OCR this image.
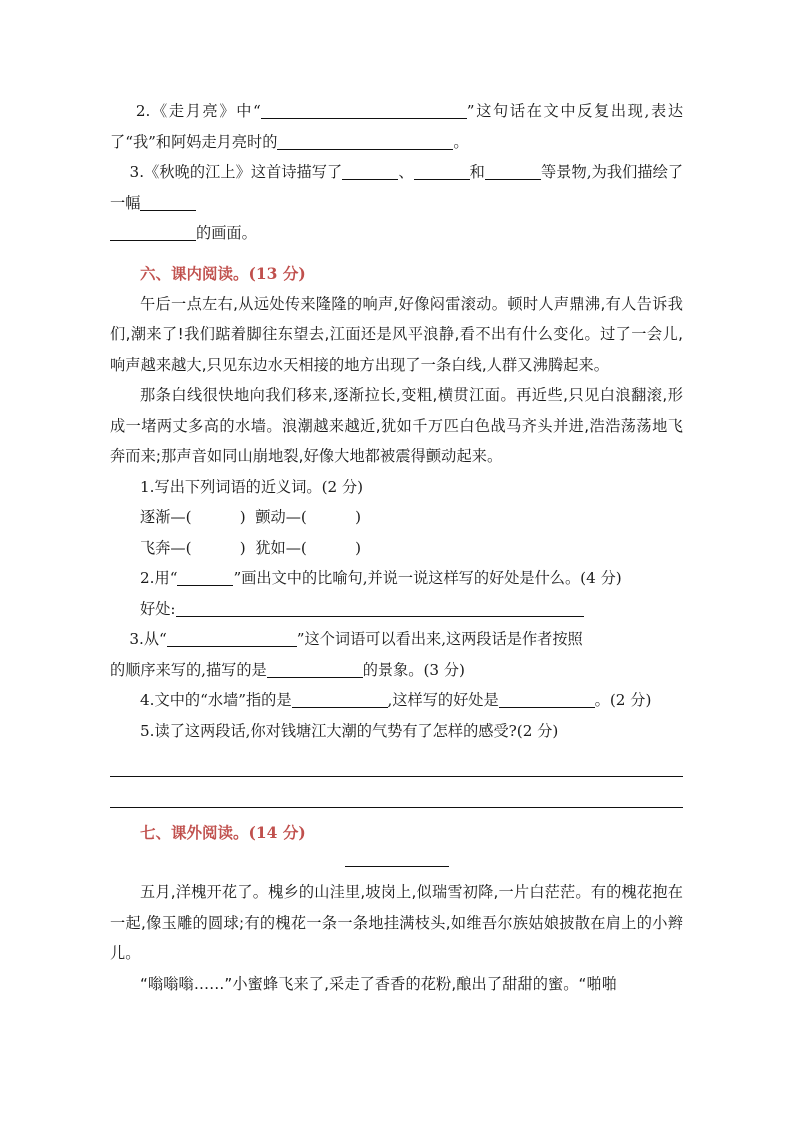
2.《走月亮》中“	”这句话在文中反复出现,表达了“我”和阿妈走月亮时的	。
3.《秋晚的江上》这首诗描写了	、	和	等景物,为我们描绘了一幅
的画面。
六、课内阅读。(13 分)

午后一点左右,从远处传来隆隆的响声,好像闷雷滚动。顿时人声鼎沸,有人告诉我们,潮来了!我们踮着脚往东望去,江面还是风平浪静,看不出有什么变化。过了一会儿,响声越来越大,只见东边水天相接的地方出现了一条白线,人群又沸腾起来。

那条白线很快地向我们移来,逐渐拉长,变粗,横贯江面。再近些,只见白浪翻滚,形成一堵两丈多高的水墙。浪潮越来越近,犹如千万匹白色战马齐头并进,浩浩荡荡地飞奔而来;那声音如同山崩地裂,好像大地都被震得颤动起来。

1.写出下列词语的近义词。(2 分)
逐渐—(          ) 颤动—(          )
飞奔—(          ) 犹如—(          )
2.用“	”画出文中的比喻句,并说一说这样写的好处是什么。(4 分)
好处:
3.从“	”这个词语可以看出来,这两段话是作者按照
的顺序来写的,描写的是	的景象。(3 分)
4.文中的“水墙”指的是	,这样写的好处是	。(2 分)
5.读了这两段话,你对钱塘江大潮的气势有了怎样的感受?(2 分)
七、课外阅读。(14 分)

五月,洋槐开花了。槐乡的山洼里,坡岗上,似瑞雪初降,一片白茫茫。有的槐花抱在一起,像玉雕的圆球;有的槐花一条一条地挂满枝头,如维吾尔族姑娘披散在肩上的小辫儿。

“嗡嗡嗡……”小蜜蜂飞来了,采走了香香的花粉,酿出了甜甜的蜜。“啪啪
